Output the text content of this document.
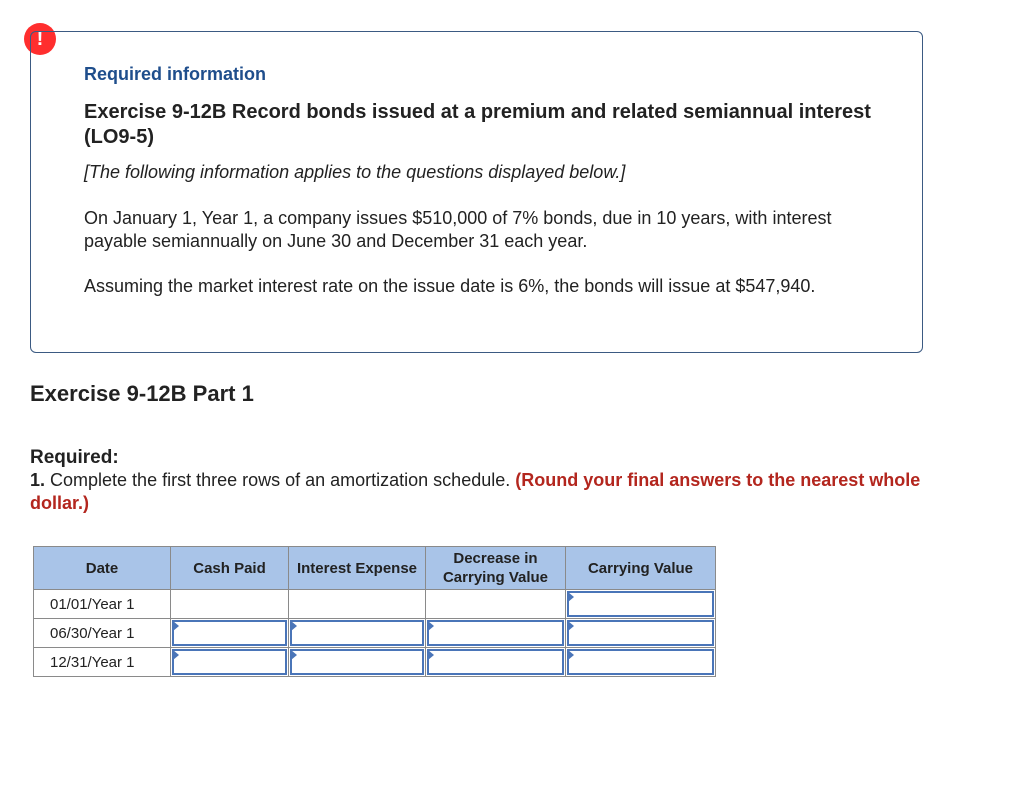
!
Required information
Exercise 9-12B Record bonds issued at a premium and related semiannual interest (LO9-5)
[The following information applies to the questions displayed below.]
On January 1, Year 1, a company issues $510,000 of 7% bonds, due in 10 years, with interest payable semiannually on June 30 and December 31 each year.
Assuming the market interest rate on the issue date is 6%, the bonds will issue at $547,940.
Exercise 9-12B Part 1
Required:
1. Complete the first three rows of an amortization schedule. (Round your final answers to the nearest whole dollar.)
Date	Cash Paid	Interest Expense	Decrease in Carrying Value	Carrying Value
01/01/Year 1				

06/30/Year 1	

12/31/Year 1	
